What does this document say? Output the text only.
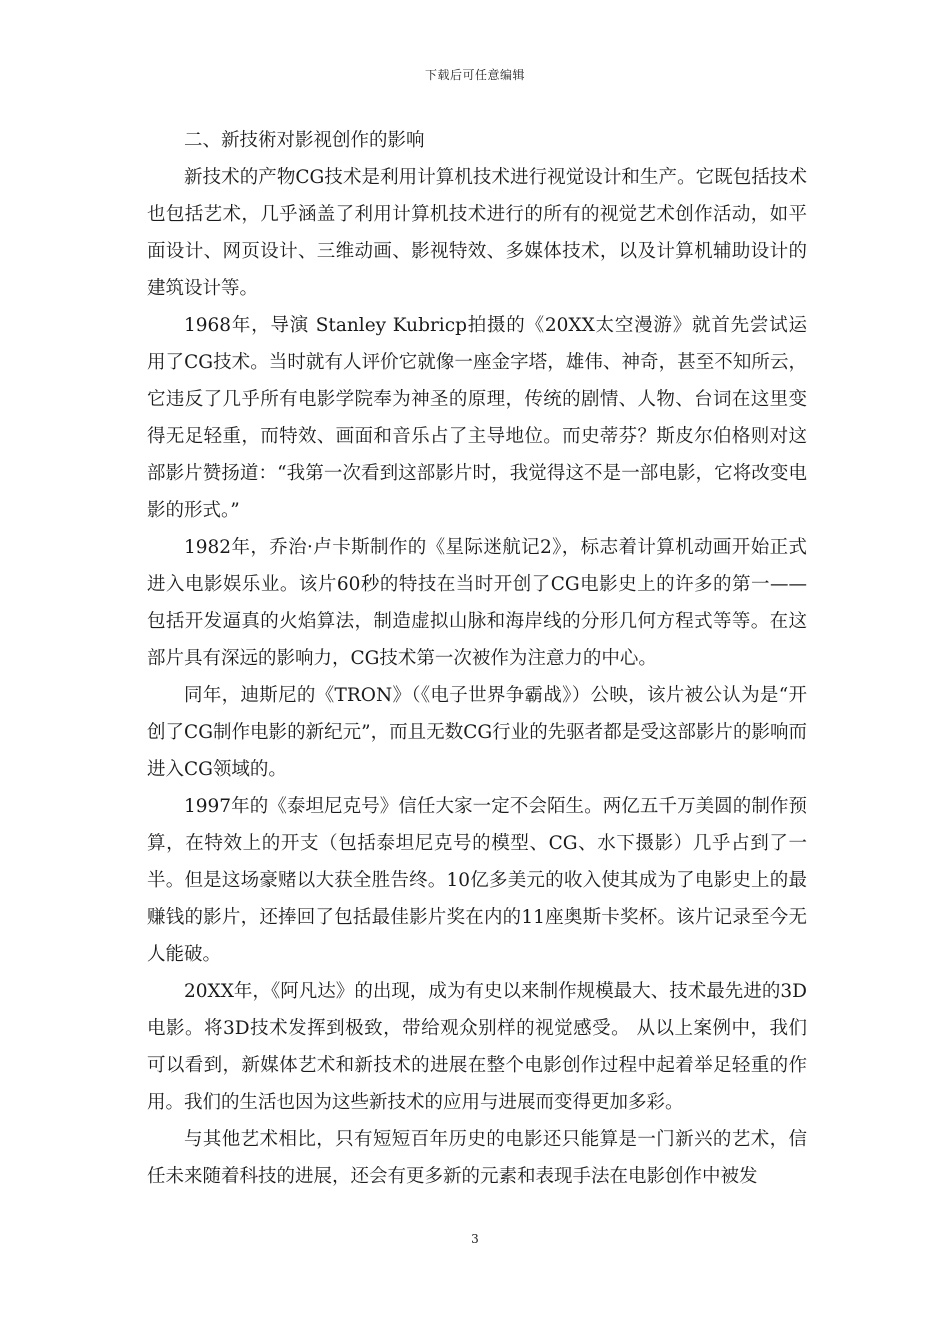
下载后可任意编辑
二、新技術对影视创作的影响

新技术的产物CG技术是利用计算机技术进行视觉设计和生产。它既包括技术也包括艺术，几乎涵盖了利用计算机技术进行的所有的视觉艺术创作活动，如平面设计、网页设计、三维动画、影视特效、多媒体技术，以及计算机辅助设计的建筑设计等。

1968年，导演 Stanley Kubricp拍摄的《20XX太空漫游》就首先尝试运用了CG技术。当时就有人评价它就像一座金字塔，雄伟、神奇，甚至不知所云，它违反了几乎所有电影学院奉为神圣的原理，传统的剧情、人物、台词在这里变得无足轻重，而特效、画面和音乐占了主导地位。而史蒂芬？斯皮尔伯格则对这部影片赞扬道：“我第一次看到这部影片时，我觉得这不是一部电影，它将改变电影的形式。”

1982年，乔治·卢卡斯制作的《星际迷航记2》，标志着计算机动画开始正式进入电影娱乐业。该片60秒的特技在当时开创了CG电影史上的许多的第一——包括开发逼真的火焰算法，制造虚拟山脉和海岸线的分形几何方程式等等。在这部片具有深远的影响力，CG技术第一次被作为注意力的中心。

同年，迪斯尼的《TRON》（《电子世界争霸战》）公映，该片被公认为是“开创了CG制作电影的新纪元”，而且无数CG行业的先驱者都是受这部影片的影响而进入CG领域的。

1997年的《泰坦尼克号》信任大家一定不会陌生。两亿五千万美圆的制作预算，在特效上的开支（包括泰坦尼克号的模型、CG、水下摄影）几乎占到了一半。但是这场豪赌以大获全胜告终。10亿多美元的收入使其成为了电影史上的最赚钱的影片，还捧回了包括最佳影片奖在内的11座奥斯卡奖杯。该片记录至今无人能破。

20XX年，《阿凡达》的出现，成为有史以来制作规模最大、技术最先进的3D电影。将3D技术发挥到极致，带给观众别样的视觉感受。 从以上案例中，我们可以看到，新媒体艺术和新技术的进展在整个电影创作过程中起着举足轻重的作用。我们的生活也因为这些新技术的应用与进展而变得更加多彩。

与其他艺术相比，只有短短百年历史的电影还只能算是一门新兴的艺术，信任未来随着科技的进展，还会有更多新的元素和表现手法在电影创作中被发

3
